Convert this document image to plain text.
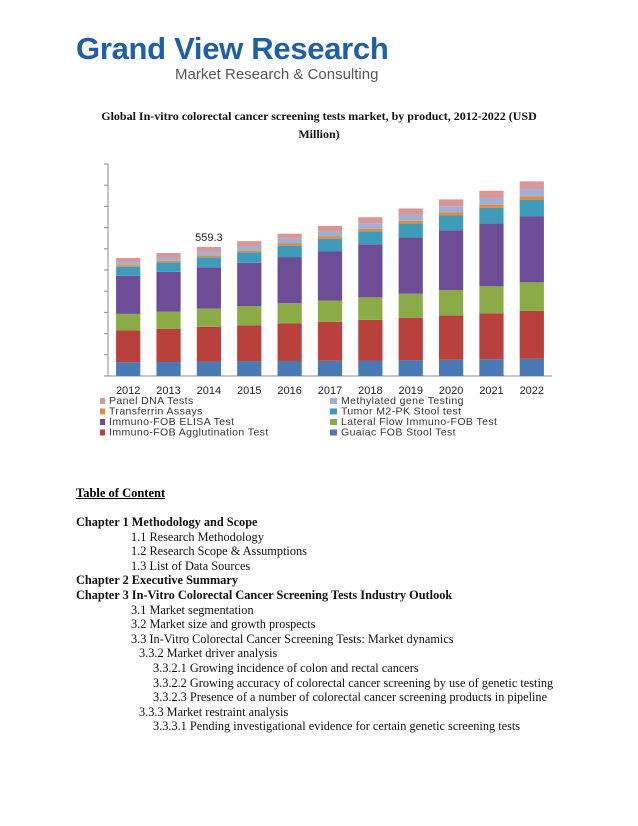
Grand View Research
Market Research & Consulting
Global In-vitro colorectal cancer screening tests market, by product, 2012-2022 (USD Million)
2012 2013 2014
559.3
2015 2016 2017 2018 2019 2020 2021 2022
Panel DNA Tests	Methylated gene Testing
Transferrin Assays	Tumor M2-PK Stool test
Immuno-FOB ELISA Test	Lateral Flow Immuno-FOB Test
Immuno-FOB Agglutination Test	Guaiac FOB Stool Test
Table of Content
Chapter 1 Methodology and Scope
1.1 Research Methodology
1.2 Research Scope & Assumptions
1.3 List of Data Sources
Chapter 2 Executive Summary
Chapter 3 In-Vitro Colorectal Cancer Screening Tests Industry Outlook
3.1 Market segmentation
3.2 Market size and growth prospects
3.3 In-Vitro Colorectal Cancer Screening Tests: Market dynamics
3.3.2 Market driver analysis
3.3.2.1 Growing incidence of colon and rectal cancers
3.3.2.2 Growing accuracy of colorectal cancer screening by use of genetic testing
3.3.2.3 Presence of a number of colorectal cancer screening products in pipeline
3.3.3 Market restraint analysis
3.3.3.1 Pending investigational evidence for certain genetic screening tests
